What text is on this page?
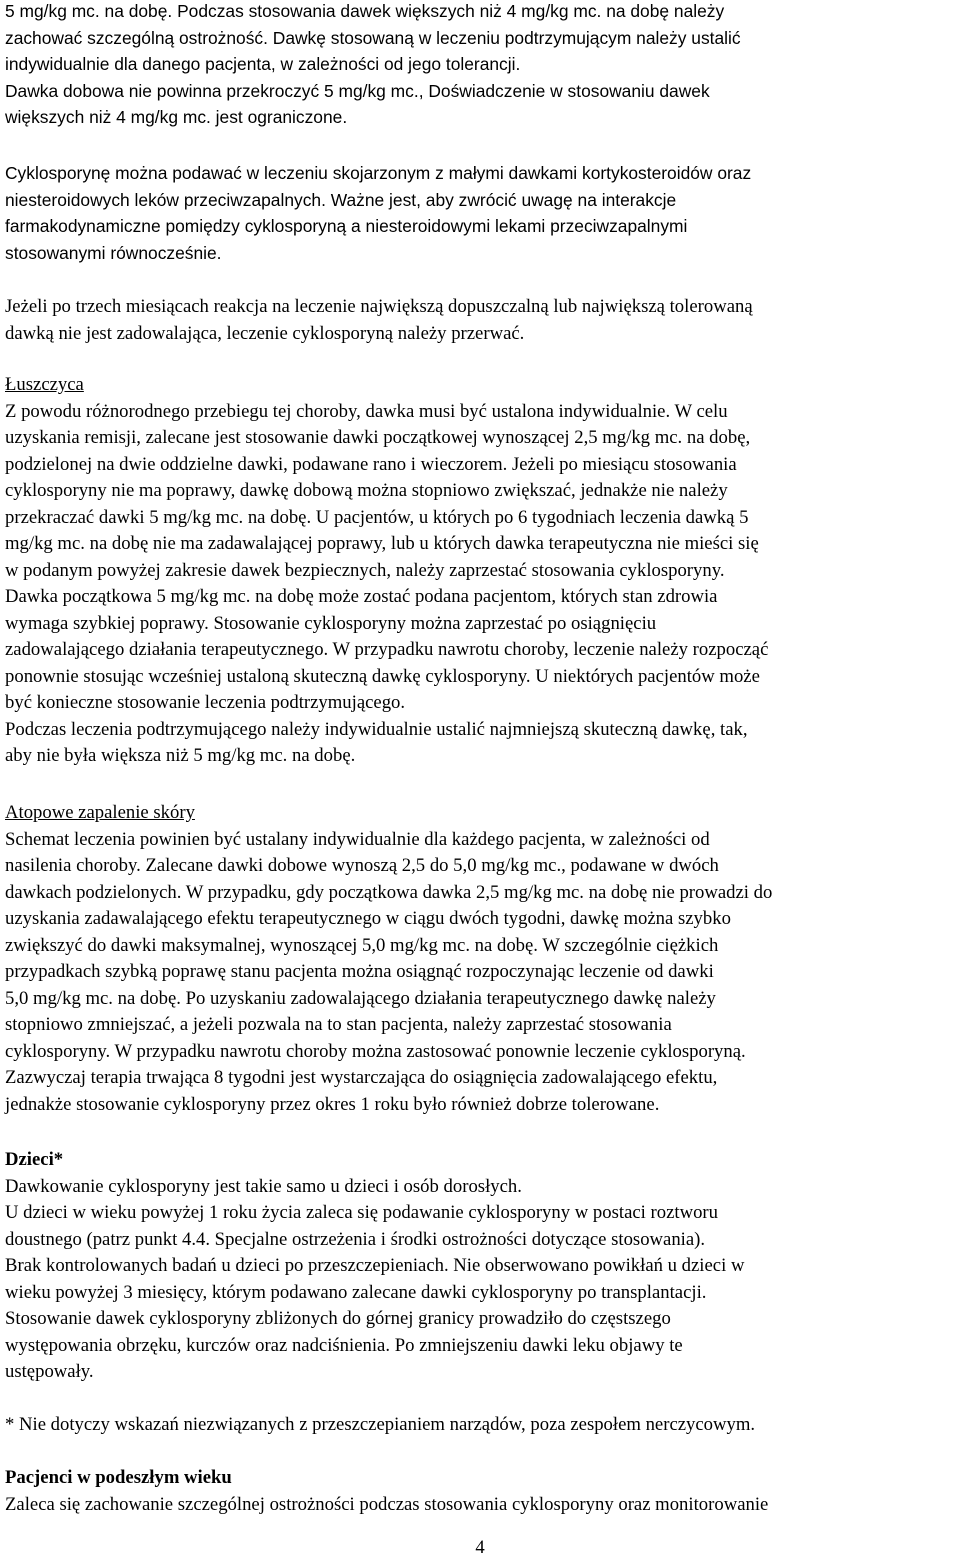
5 mg/kg mc. na dobę. Podczas stosowania dawek większych niż 4 mg/kg mc. na dobę należy
zachować szczególną ostrożność. Dawkę stosowaną w leczeniu podtrzymującym należy ustalić
indywidualnie dla danego pacjenta, w zależności od jego tolerancji.
Dawka dobowa nie powinna przekroczyć 5 mg/kg mc., Doświadczenie w stosowaniu dawek
większych niż 4 mg/kg mc. jest ograniczone.
Cyklosporynę można podawać w leczeniu skojarzonym z małymi dawkami kortykosteroidów oraz
niesteroidowych leków przeciwzapalnych. Ważne jest, aby zwrócić uwagę na interakcje
farmakodynamiczne pomiędzy cyklosporyną a niesteroidowymi lekami przeciwzapalnymi
stosowanymi równocześnie.
Jeżeli po trzech miesiącach reakcja na leczenie największą dopuszczalną lub największą tolerowaną
dawką nie jest zadowalająca, leczenie cyklosporyną należy przerwać.
Łuszczyca
Z powodu różnorodnego przebiegu tej choroby, dawka musi być ustalona indywidualnie. W celu
uzyskania remisji, zalecane jest stosowanie dawki początkowej wynoszącej 2,5 mg/kg mc. na dobę,
podzielonej na dwie oddzielne dawki, podawane rano i wieczorem. Jeżeli po miesiącu stosowania
cyklosporyny nie ma poprawy, dawkę dobową można stopniowo zwiększać, jednakże nie należy
przekraczać dawki 5 mg/kg mc. na dobę. U pacjentów, u których po 6 tygodniach leczenia dawką 5
mg/kg mc. na dobę nie ma zadawalającej poprawy, lub u których dawka terapeutyczna nie mieści się
w podanym powyżej zakresie dawek bezpiecznych, należy zaprzestać stosowania cyklosporyny.
Dawka początkowa 5 mg/kg mc. na dobę może zostać podana pacjentom, których stan zdrowia
wymaga szybkiej poprawy. Stosowanie cyklosporyny można zaprzestać po osiągnięciu
zadowalającego działania terapeutycznego. W przypadku nawrotu choroby, leczenie należy rozpocząć
ponownie stosując wcześniej ustaloną skuteczną dawkę cyklosporyny. U niektórych pacjentów może
być konieczne stosowanie leczenia podtrzymującego.
Podczas leczenia podtrzymującego należy indywidualnie ustalić najmniejszą skuteczną dawkę, tak,
aby nie była większa niż 5 mg/kg mc. na dobę.
Atopowe zapalenie skóry
Schemat leczenia powinien być ustalany indywidualnie dla każdego pacjenta, w zależności od
nasilenia choroby. Zalecane dawki dobowe wynoszą 2,5 do 5,0 mg/kg mc., podawane w dwóch
dawkach podzielonych. W przypadku, gdy początkowa dawka 2,5 mg/kg mc. na dobę nie prowadzi do
uzyskania zadawalającego efektu terapeutycznego w ciągu dwóch tygodni, dawkę można szybko
zwiększyć do dawki maksymalnej, wynoszącej 5,0 mg/kg mc. na dobę. W szczególnie ciężkich
przypadkach szybką poprawę stanu pacjenta można osiągnąć rozpoczynając leczenie od dawki
5,0 mg/kg mc. na dobę. Po uzyskaniu zadowalającego działania terapeutycznego dawkę należy
stopniowo zmniejszać, a jeżeli pozwala na to stan pacjenta, należy zaprzestać stosowania
cyklosporyny. W przypadku nawrotu choroby można zastosować ponownie leczenie cyklosporyną.
Zazwyczaj terapia trwająca 8 tygodni jest wystarczająca do osiągnięcia zadowalającego efektu,
jednakże stosowanie cyklosporyny przez okres 1 roku było również dobrze tolerowane.
Dzieci*
Dawkowanie cyklosporyny jest takie samo u dzieci i osób dorosłych.
U dzieci w wieku powyżej 1 roku życia zaleca się podawanie cyklosporyny w postaci roztworu
doustnego (patrz punkt 4.4. Specjalne ostrzeżenia i środki ostrożności dotyczące stosowania).
Brak kontrolowanych badań u dzieci po przeszczepieniach. Nie obserwowano powikłań u dzieci w
wieku powyżej 3 miesięcy, którym podawano zalecane dawki cyklosporyny po transplantacji.
Stosowanie dawek cyklosporyny zbliżonych do górnej granicy prowadziło do częstszego
występowania obrzęku, kurczów oraz nadciśnienia. Po zmniejszeniu dawki leku objawy te
ustępowały.
* Nie dotyczy wskazań niezwiązanych z przeszczepianiem narządów, poza zespołem nerczycowym.
Pacjenci w podeszłym wieku
Zaleca się zachowanie szczególnej ostrożności podczas stosowania cyklosporyny oraz monitorowanie
4
